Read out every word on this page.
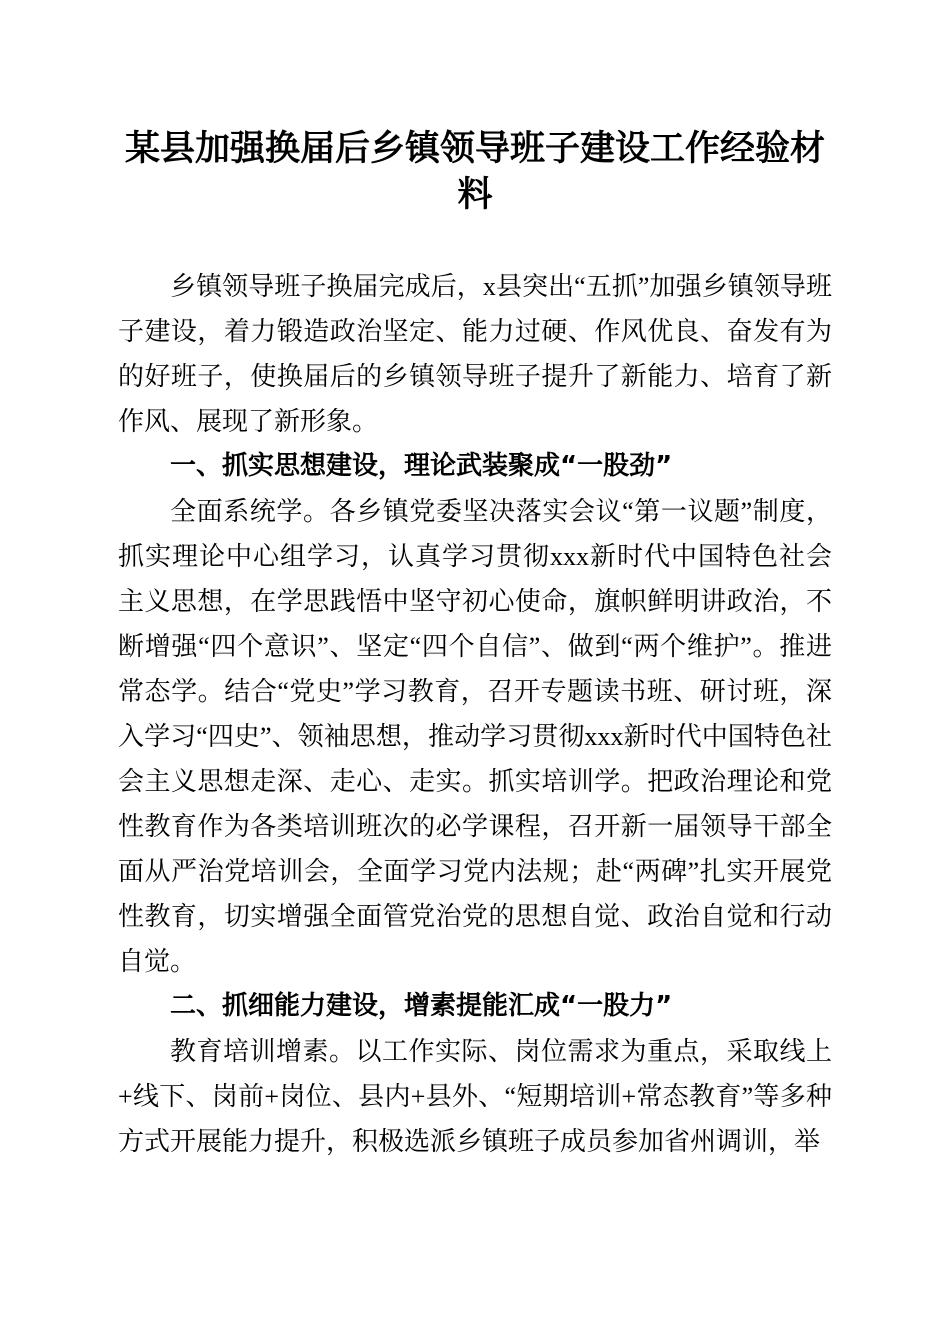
某县加强换届后乡镇领导班子建设工作经验材料

乡镇领导班子换届完成后，x县突出“五抓”加强乡镇领导班子建设，着力锻造政治坚定、能力过硬、作风优良、奋发有为的好班子，使换届后的乡镇领导班子提升了新能力、培育了新作风、展现了新形象。

一、抓实思想建设，理论武装聚成“一股劲”

全面系统学。各乡镇党委坚决落实会议“第一议题”制度，抓实理论中心组学习，认真学习贯彻xxx新时代中国特色社会主义思想，在学思践悟中坚守初心使命，旗帜鲜明讲政治，不断增强“四个意识”、坚定“四个自信”、做到“两个维护”。推进常态学。结合“党史”学习教育，召开专题读书班、研讨班，深入学习“四史”、领袖思想，推动学习贯彻xxx新时代中国特色社会主义思想走深、走心、走实。抓实培训学。把政治理论和党性教育作为各类培训班次的必学课程，召开新一届领导干部全面从严治党培训会，全面学习党内法规；赴“两碑”扎实开展党性教育，切实增强全面管党治党的思想自觉、政治自觉和行动自觉。

二、抓细能力建设，增素提能汇成“一股力”

教育培训增素。以工作实际、岗位需求为重点，采取线上+线下、岗前+岗位、县内+县外、“短期培训+常态教育”等多种方式开展能力提升，积极选派乡镇班子成员参加省州调训，举
